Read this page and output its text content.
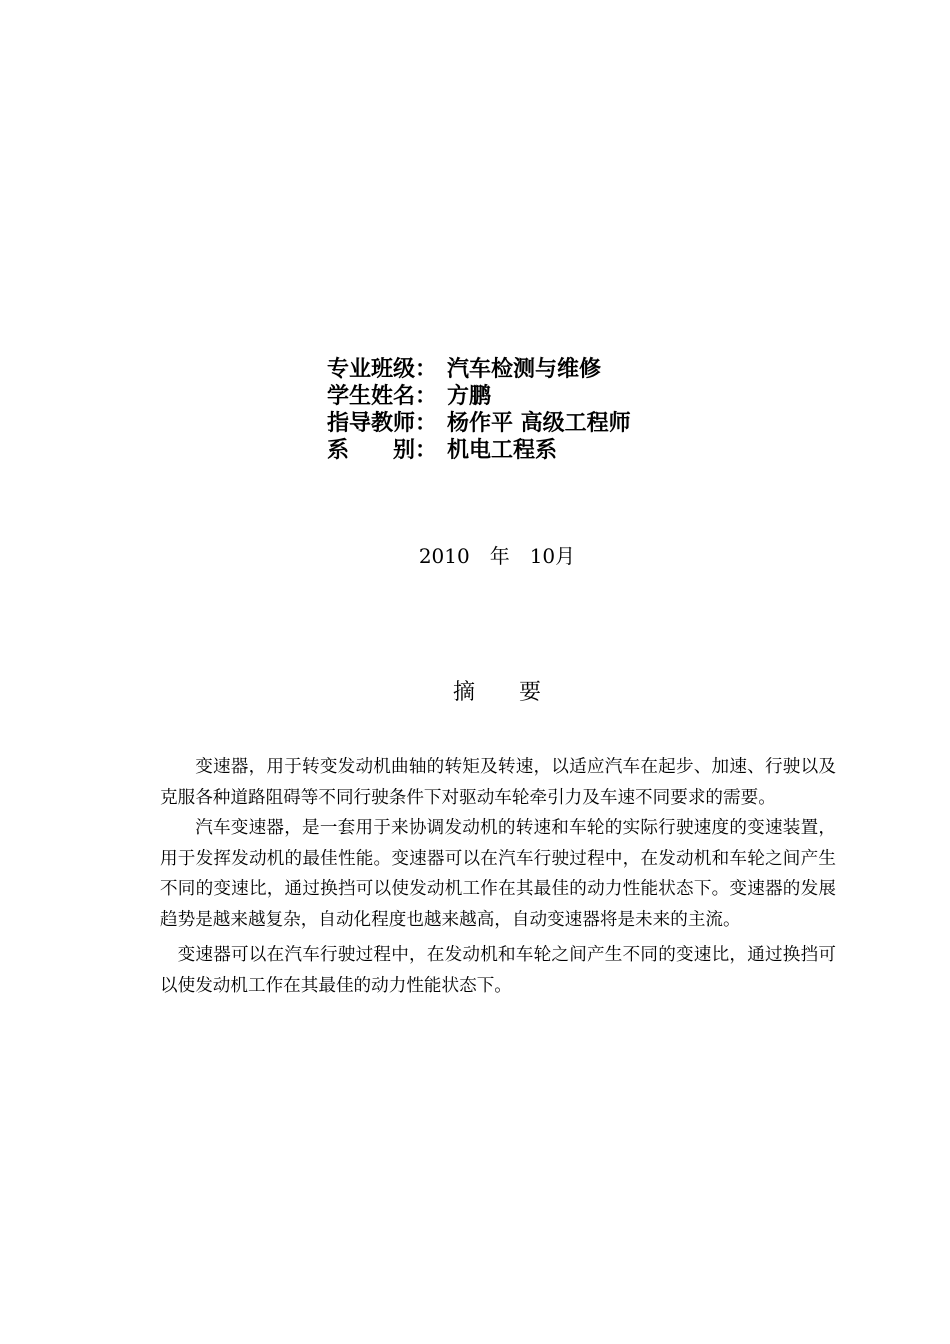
专业班级： 汽车检测与维修
学生姓名： 方鹏
指导教师： 杨作平 高级工程师
系　　别： 机电工程系
2010　年　10月
摘　　要

变速器，用于转变发动机曲轴的转矩及转速，以适应汽车在起步、加速、行驶以及克服各种道路阻碍等不同行驶条件下对驱动车轮牵引力及车速不同要求的需要。

汽车变速器，是一套用于来协调发动机的转速和车轮的实际行驶速度的变速装置，用于发挥发动机的最佳性能。变速器可以在汽车行驶过程中，在发动机和车轮之间产生不同的变速比，通过换挡可以使发动机工作在其最佳的动力性能状态下。变速器的发展趋势是越来越复杂，自动化程度也越来越高，自动变速器将是未来的主流。

变速器可以在汽车行驶过程中，在发动机和车轮之间产生不同的变速比，通过换挡可以使发动机工作在其最佳的动力性能状态下。
